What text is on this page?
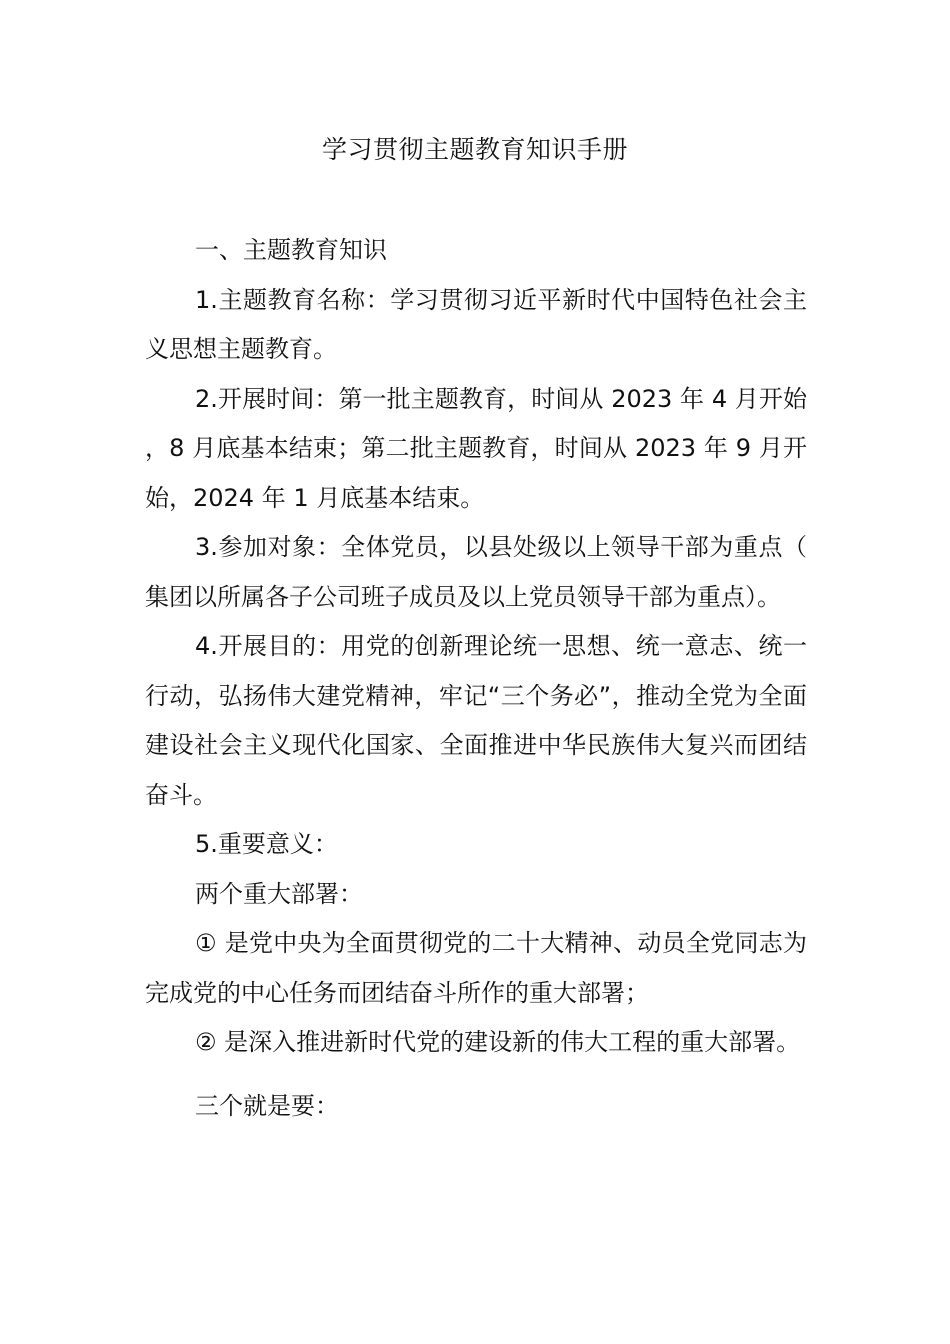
学习贯彻主题教育知识手册

一、主题教育知识

1.主题教育名称：学习贯彻习近平新时代中国特色社会主义思想主题教育。

2.开展时间：第一批主题教育，时间从 2023 年 4 月开始，8 月底基本结束；第二批主题教育，时间从 2023 年 9 月开始，2024 年 1 月底基本结束。

3.参加对象：全体党员，以县处级以上领导干部为重点（集团以所属各子公司班子成员及以上党员领导干部为重点）。

4.开展目的：用党的创新理论统一思想、统一意志、统一行动，弘扬伟大建党精神，牢记“三个务必”，推动全党为全面建设社会主义现代化国家、全面推进中华民族伟大复兴而团结奋斗。

5.重要意义：

两个重大部署：

① 是党中央为全面贯彻党的二十大精神、动员全党同志为完成党的中心任务而团结奋斗所作的重大部署；

② 是深入推进新时代党的建设新的伟大工程的重大部署。

三个就是要：
